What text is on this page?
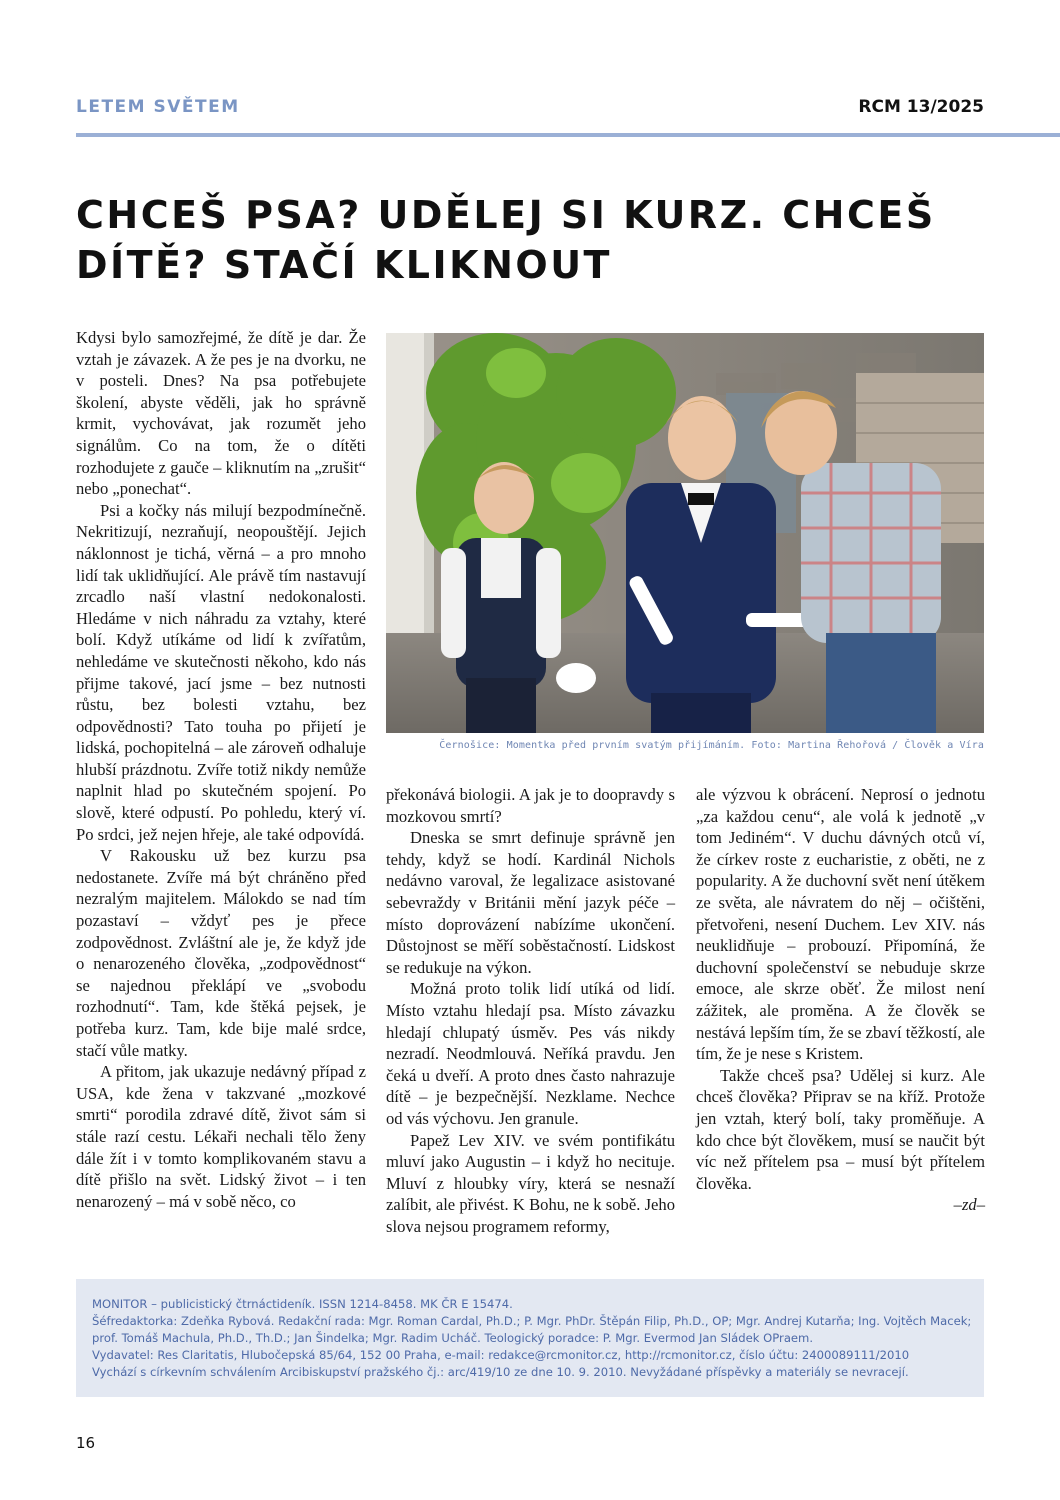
LETEM SVĚTEM	RCM 13/2025
CHCEŠ PSA? UDĚLEJ SI KURZ. CHCEŠ DÍTĚ? STAČÍ KLIKNOUT

Kdysi bylo samozřejmé, že dítě je dar. Že vztah je závazek. A že pes je na dvorku, ne v posteli. Dnes? Na psa potřebujete školení, abyste věděli, jak ho správně krmit, vychovávat, jak rozumět jeho signálům. Co na tom, že o dítěti rozhodujete z gauče – kliknutím na „zrušit“ nebo „ponechat“.

Psi a kočky nás milují bezpodmínečně. Nekritizují, nezraňují, neopouštějí. Jejich náklonnost je tichá, věrná – a pro mnoho lidí tak uklidňující. Ale právě tím nastavují zrcadlo naší vlastní nedokonalosti. Hledáme v nich náhradu za vztahy, které bolí. Když utíkáme od lidí k zvířatům, nehledáme ve skutečnosti někoho, kdo nás přijme takové, jací jsme – bez nutnosti růstu, bez bolesti vztahu, bez odpovědnosti? Tato touha po přijetí je lidská, pochopitelná – ale zároveň odhaluje hlubší prázdnotu. Zvíře totiž nikdy nemůže naplnit hlad po skutečném spojení. Po slově, které odpustí. Po pohledu, který ví. Po srdci, jež nejen hřeje, ale také odpovídá.

V Rakousku už bez kurzu psa nedostanete. Zvíře má být chráněno před nezralým majitelem. Málokdo se nad tím pozastaví – vždyť pes je přece zodpovědnost. Zvláštní ale je, že když jde o nenarozeného člověka, „zodpovědnost“ se najednou překlápí ve „svobodu rozhodnutí“. Tam, kde štěká pejsek, je potřeba kurz. Tam, kde bije malé srdce, stačí vůle matky.

A přitom, jak ukazuje nedávný případ z USA, kde žena v takzvané „mozkové smrti“ porodila zdravé dítě, život sám si stále razí cestu. Lékaři nechali tělo ženy dále žít i v tomto komplikovaném stavu a dítě přišlo na svět. Lidský život – i ten nenarozený – má v sobě něco, co

Černošice: Momentka před prvním svatým přijímáním. Foto: Martina Řehořová / Člověk a Víra

překonává biologii. A jak je to doopravdy s mozkovou smrtí?

Dneska se smrt definuje správně jen tehdy, když se hodí. Kardinál Nichols nedávno varoval, že legalizace asistované sebevraždy v Británii mění jazyk péče – místo doprovázení nabízíme ukončení. Důstojnost se měří soběstačností. Lidskost se redukuje na výkon.

Možná proto tolik lidí utíká od lidí. Místo vztahu hledají psa. Místo závazku hledají chlupatý úsměv. Pes vás nikdy nezradí. Neodmlouvá. Neříká pravdu. Jen čeká u dveří. A proto dnes často nahrazuje dítě – je bezpečnější. Nezklame. Nechce od vás výchovu. Jen granule.

Papež Lev XIV. ve svém pontifikátu mluví jako Augustin – i když ho necituje. Mluví z hloubky víry, která se nesnaží zalíbit, ale přivést. K Bohu, ne k sobě. Jeho slova nejsou programem reformy,

ale výzvou k obrácení. Neprosí o jednotu „za každou cenu“, ale volá k jednotě „v tom Jediném“. V duchu dávných otců ví, že církev roste z eucharistie, z oběti, ne z popularity. A že duchovní svět není útěkem ze světa, ale návratem do něj – očištěni, přetvořeni, nesení Duchem. Lev XIV. nás neuklidňuje – probouzí. Připomíná, že duchovní společenství se nebuduje skrze emoce, ale skrze oběť. Že milost není zážitek, ale proměna. A že člověk se nestává lepším tím, že se zbaví těžkostí, ale tím, že je nese s Kristem.

Takže chceš psa? Udělej si kurz. Ale chceš člověka? Připrav se na kříž. Protože jen vztah, který bolí, taky proměňuje. A kdo chce být člověkem, musí se naučit být víc než přítelem psa – musí být přítelem člověka.

–zd–

MONITOR – publicistický čtrnáctideník. ISSN 1214-8458. MK ČR E 15474.
Šéfredaktorka: Zdeňka Rybová. Redakční rada: Mgr. Roman Cardal, Ph.D.; P. Mgr. PhDr. Štěpán Filip, Ph.D., OP; Mgr. Andrej Kutarňa; Ing. Vojtěch Macek;
prof. Tomáš Machula, Ph.D., Th.D.; Jan Šindelka; Mgr. Radim Ucháč. Teologický poradce: P. Mgr. Evermod Jan Sládek OPraem.
Vydavatel: Res Claritatis, Hlubočepská 85/64, 152 00 Praha, e-mail: redakce@rcmonitor.cz, http://rcmonitor.cz, číslo účtu: 2400089111/2010
Vychází s církevním schválením Arcibiskupství pražského čj.: arc/419/10 ze dne 10. 9. 2010. Nevyžádané příspěvky a materiály se nevracejí.
16
